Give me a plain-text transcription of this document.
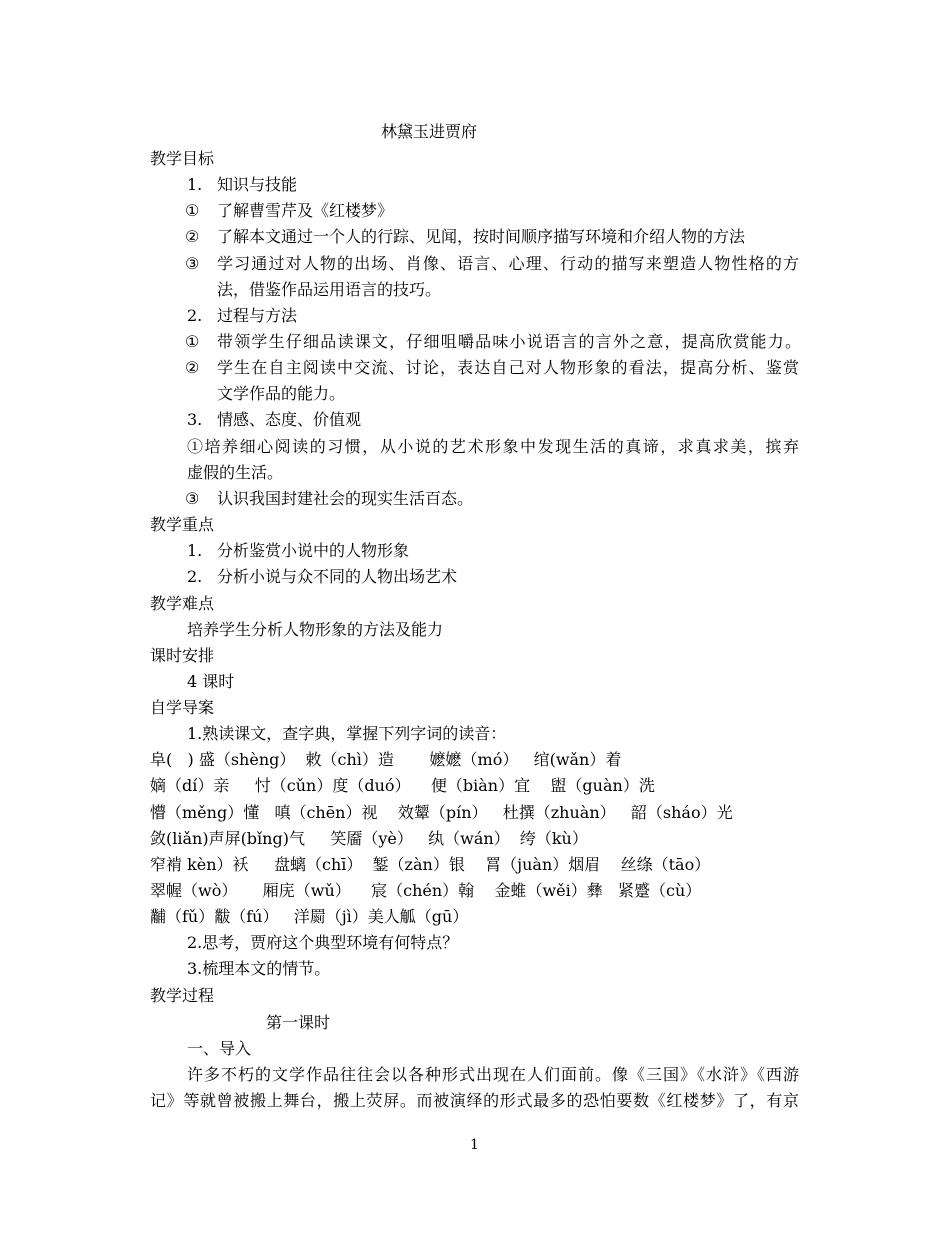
林黛玉进贾府
教学目标
1. 知识与技能
① 了解曹雪芹及《红楼梦》
② 了解本文通过一个人的行踪、见闻，按时间顺序描写环境和介绍人物的方法
③ 学习通过对人物的出场、肖像、语言、心理、行动的描写来塑造人物性格的方
法，借鉴作品运用语言的技巧。
2. 过程与方法
① 带领学生仔细品读课文，仔细咀嚼品味小说语言的言外之意，提高欣赏能力。
② 学生在自主阅读中交流、讨论，表达自己对人物形象的看法，提高分析、鉴赏
文学作品的能力。
3. 情感、态度、价值观
①培养细心阅读的习惯，从小说的艺术形象中发现生活的真谛，求真求美，摈弃
虚假的生活。
③ 认识我国封建社会的现实生活百态。
教学重点
1. 分析鉴赏小说中的人物形象
2. 分析小说与众不同的人物出场艺术
教学难点
培养学生分析人物形象的方法及能力
课时安排
4 课时
自学导案
1.熟读课文，查字典，掌握下列字词的读音：
阜(   ) 盛（shèng）  敕（chì）造       嬷嬷（mó）   绾(wǎn）着
嫡（dí）亲     忖（cǔn）度（duó）    便（biàn）宜    盥（guàn）洗
懵（měng）懂   嗔（chēn）视    效颦（pín）   杜撰（zhuàn）   韶（sháo）光
敛(liǎn)声屏(bǐng)气     笑靥（yè）   纨（wán）  绔（kù）
窄褃 kèn）袄     盘螭（chī）  錾（zàn）银    罥（juàn）烟眉    丝绦（tāo）
翠幄（wò）     厢庑（wǔ）    宸（chén）翰    金蜼（wěi）彝   紧蹙（cù）
黼（fǔ）黻（fú）   洋罽（jì）美人觚（gū）
2.思考，贾府这个典型环境有何特点？
3.梳理本文的情节。
教学过程
第一课时
一、导入
许多不朽的文学作品往往会以各种形式出现在人们面前。像《三国》《水浒》《西游
记》等就曾被搬上舞台，搬上荧屏。而被演绎的形式最多的恐怕要数《红楼梦》了，有京
1
